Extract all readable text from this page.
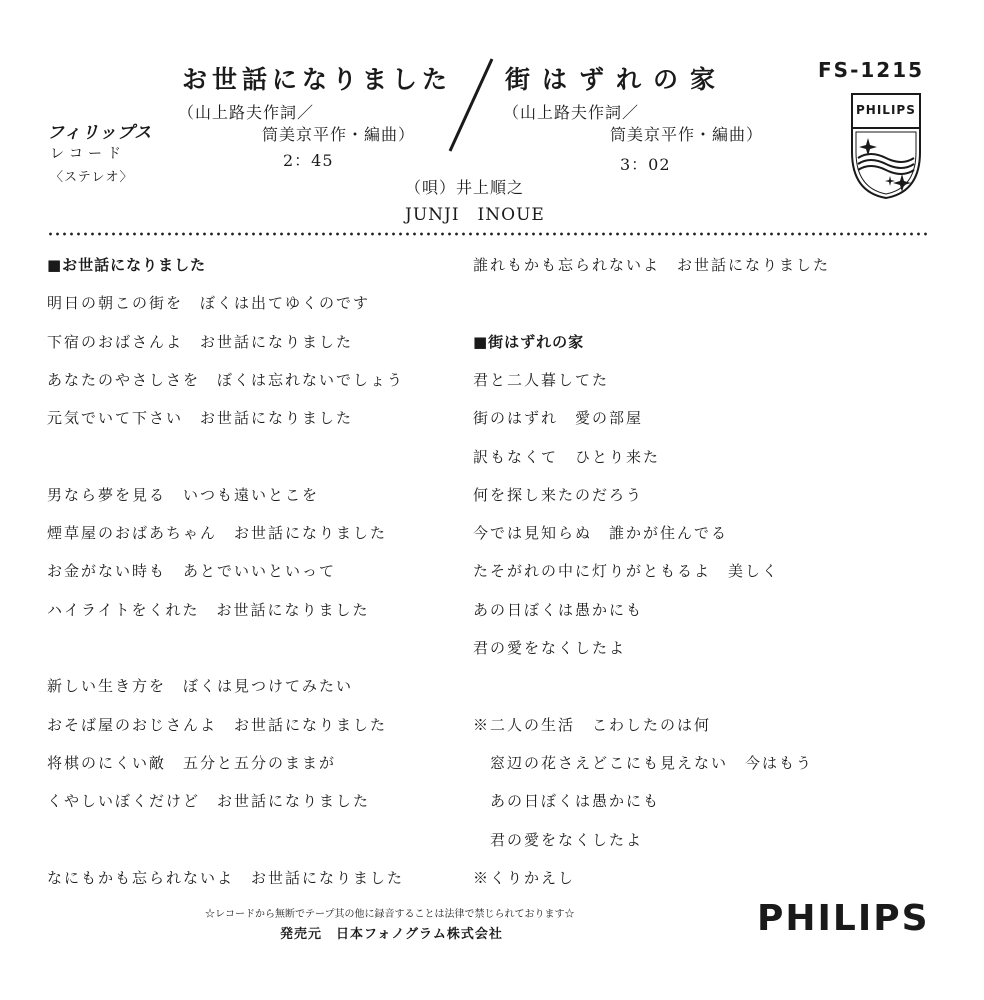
お世話になりました 街はずれの家
（山上路夫作詞／
筒美京平作・編曲）
2：45
（山上路夫作詞／
筒美京平作・編曲）
3：02
（唄）井上順之
JUNJI　INOUE
フィリップス
レコード
〈ステレオ〉
FS-1215
PHILIPS
■お世話になりました
明日の朝この街を　ぼくは出てゆくのです
下宿のおばさんよ　お世話になりました
あなたのやさしさを　ぼくは忘れないでしょう
元気でいて下さい　お世話になりました
男なら夢を見る　いつも遠いとこを
煙草屋のおばあちゃん　お世話になりました
お金がない時も　あとでいいといって
ハイライトをくれた　お世話になりました
新しい生き方を　ぼくは見つけてみたい
おそば屋のおじさんよ　お世話になりました
将棋のにくい敵　五分と五分のままが
くやしいぼくだけど　お世話になりました
なにもかも忘られないよ　お世話になりました
誰れもかも忘られないよ　お世話になりました
■街はずれの家
君と二人暮してた
街のはずれ　愛の部屋
訳もなくて　ひとり来た
何を探し来たのだろう
今では見知らぬ　誰かが住んでる
たそがれの中に灯りがともるよ　美しく
あの日ぼくは愚かにも
君の愛をなくしたよ
※二人の生活　こわしたのは何
　窓辺の花さえどこにも見えない　今はもう
　あの日ぼくは愚かにも
　君の愛をなくしたよ
※くりかえし
☆レコードから無断でテープ其の他に録音することは法律で禁じられております☆
発売元　日本フォノグラム株式会社	PHILIPS
